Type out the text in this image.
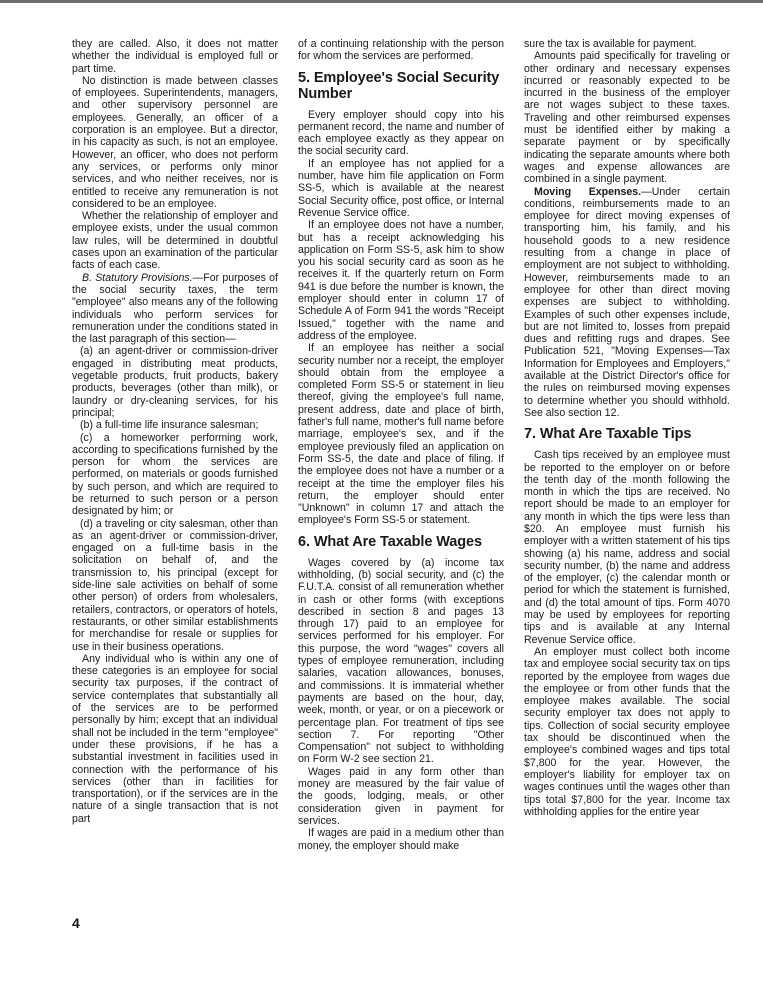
they are called. Also, it does not matter whether the individual is employed full or part time.

No distinction is made between classes of employees. Superintendents, managers, and other supervisory personnel are employees. Generally, an officer of a corporation is an employee. But a director, in his capacity as such, is not an employee. However, an officer, who does not perform any services, or performs only minor services, and who neither receives, nor is entitled to receive any remuneration is not considered to be an employee.

Whether the relationship of employer and employee exists, under the usual common law rules, will be determined in doubtful cases upon an examination of the particular facts of each case.

B. Statutory Provisions.—For purposes of the social security taxes, the term "employee" also means any of the following individuals who perform services for remuneration under the conditions stated in the last paragraph of this section—

(a) an agent-driver or commission-driver engaged in distributing meat products, vegetable products, fruit products, bakery products, beverages (other than milk), or laundry or dry-cleaning services, for his principal;

(b) a full-time life insurance salesman;

(c) a homeworker performing work, according to specifications furnished by the person for whom the services are performed, on materials or goods furnished by such person, and which are required to be returned to such person or a person designated by him; or

(d) a traveling or city salesman, other than as an agent-driver or commission-driver, engaged on a full-time basis in the solicitation on behalf of, and the transmission to, his principal (except for side-line sale activities on behalf of some other person) of orders from wholesalers, retailers, contractors, or operators of hotels, restaurants, or other similar establishments for merchandise for resale or supplies for use in their business operations.

Any individual who is within any one of these categories is an employee for social security tax purposes, if the contract of service contemplates that substantially all of the services are to be performed personally by him; except that an individual shall not be included in the term "employee" under these provisions, if he has a substantial investment in facilities used in connection with the performance of his services (other than in facilities for transportation), or if the services are in the nature of a single transaction that is not part

of a continuing relationship with the person for whom the services are performed.

5. Employee's Social Security Number

Every employer should copy into his permanent record, the name and number of each employee exactly as they appear on the social security card.

If an employee has not applied for a number, have him file application on Form SS-5, which is available at the nearest Social Security office, post office, or Internal Revenue Service office.

If an employee does not have a number, but has a receipt acknowledging his application on Form SS-5, ask him to show you his social security card as soon as he receives it. If the quarterly return on Form 941 is due before the number is known, the employer should enter in column 17 of Schedule A of Form 941 the words "Receipt Issued," together with the name and address of the employee.

If an employee has neither a social security number nor a receipt, the employer should obtain from the employee a completed Form SS-5 or statement in lieu thereof, giving the employee's full name, present address, date and place of birth, father's full name, mother's full name before marriage, employee's sex, and if the employee previously filed an application on Form SS-5, the date and place of filing. If the employee does not have a number or a receipt at the time the employer files his return, the employer should enter "Unknown" in column 17 and attach the employee's Form SS-5 or statement.

6. What Are Taxable Wages

Wages covered by (a) income tax withholding, (b) social security, and (c) the F.U.T.A. consist of all remuneration whether in cash or other forms (with exceptions described in section 8 and pages 13 through 17) paid to an employee for services performed for his employer. For this purpose, the word "wages" covers all types of employee remuneration, including salaries, vacation allowances, bonuses, and commissions. It is immaterial whether payments are based on the hour, day, week, month, or year, or on a piecework or percentage plan. For treatment of tips see section 7. For reporting "Other Compensation" not subject to withholding on Form W-2 see section 21.

Wages paid in any form other than money are measured by the fair value of the goods, lodging, meals, or other consideration given in payment for services.

If wages are paid in a medium other than money, the employer should make

sure the tax is available for payment.

Amounts paid specifically for traveling or other ordinary and necessary expenses incurred or reasonably expected to be incurred in the business of the employer are not wages subject to these taxes. Traveling and other reimbursed expenses must be identified either by making a separate payment or by specifically indicating the separate amounts where both wages and expense allowances are combined in a single payment.

Moving Expenses.—Under certain conditions, reimbursements made to an employee for direct moving expenses of transporting him, his family, and his household goods to a new residence resulting from a change in place of employment are not subject to withholding. However, reimbursements made to an employee for other than direct moving expenses are subject to withholding. Examples of such other expenses include, but are not limited to, losses from prepaid dues and refitting rugs and drapes. See Publication 521, "Moving Expenses—Tax Information for Employees and Employers," available at the District Director's office for the rules on reimbursed moving expenses to determine whether you should withhold. See also section 12.

7. What Are Taxable Tips

Cash tips received by an employee must be reported to the employer on or before the tenth day of the month following the month in which the tips are received. No report should be made to an employer for any month in which the tips were less than $20. An employee must furnish his employer with a written statement of his tips showing (a) his name, address and social security number, (b) the name and address of the employer, (c) the calendar month or period for which the statement is furnished, and (d) the total amount of tips. Form 4070 may be used by employees for reporting tips and is available at any Internal Revenue Service office.

An employer must collect both income tax and employee social security tax on tips reported by the employee from wages due the employee or from other funds that the employee makes available. The social security employer tax does not apply to tips. Collection of social security employee tax should be discontinued when the employee's combined wages and tips total $7,800 for the year. However, the employer's liability for employer tax on wages continues until the wages other than tips total $7,800 for the year. Income tax withholding applies for the entire year

4
